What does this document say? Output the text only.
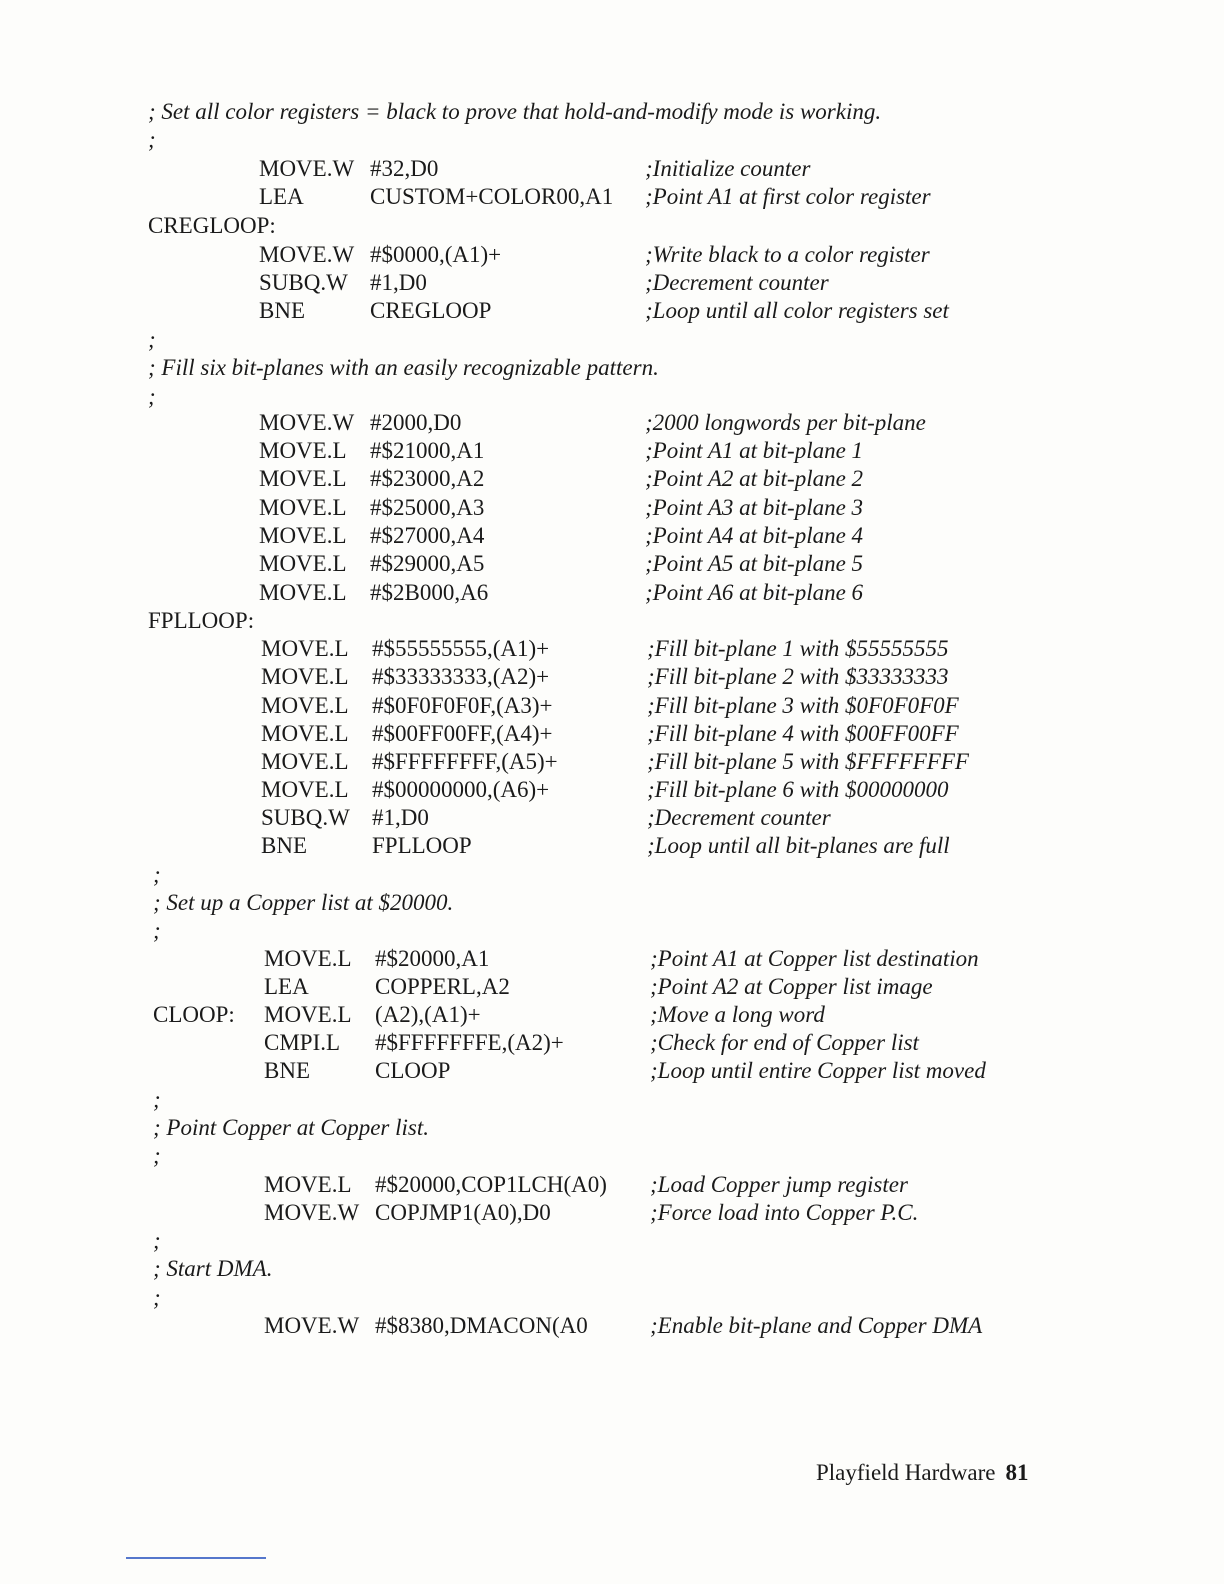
; Set all color registers = black to prove that hold-and-modify mode is working.
;
MOVE.W #32,D0	;Initialize counter
LEA	CUSTOM+COLOR00,A1 ;Point A1 at first color register
CREGLOOP:
MOVE.W #$0000,(A1)+	;Write black to a color register
SUBQ.W #1,D0	;Decrement counter
BNE	CREGLOOP	;Loop until all color registers set
;
; Fill six bit-planes with an easily recognizable pattern.
;
MOVE.W #2000,D0	;2000 longwords per bit-plane
MOVE.L #$21000,A1	;Point A1 at bit-plane 1
MOVE.L #$23000,A2	;Point A2 at bit-plane 2
MOVE.L #$25000,A3	;Point A3 at bit-plane 3
MOVE.L #$27000,A4	;Point A4 at bit-plane 4
MOVE.L #$29000,A5	;Point A5 at bit-plane 5
MOVE.L #$2B000,A6	;Point A6 at bit-plane 6
FPLLOOP:
MOVE.L #$55555555,(A1)+	;Fill bit-plane 1 with $55555555
MOVE.L #$33333333,(A2)+	;Fill bit-plane 2 with $33333333
MOVE.L #$0F0F0F0F,(A3)+	;Fill bit-plane 3 with $0F0F0F0F
MOVE.L #$00FF00FF,(A4)+	;Fill bit-plane 4 with $00FF00FF
MOVE.L #$FFFFFFFF,(A5)+	;Fill bit-plane 5 with $FFFFFFFF
MOVE.L #$00000000,(A6)+	;Fill bit-plane 6 with $00000000
SUBQ.W #1,D0	;Decrement counter
BNE	FPLLOOP	;Loop until all bit-planes are full
;
; Set up a Copper list at $20000.
;
MOVE.L #$20000,A1	;Point A1 at Copper list destination
LEA	COPPERL,A2	;Point A2 at Copper list image
CLOOP: MOVE.L (A2),(A1)+	;Move a long word
CMPI.L #$FFFFFFFE,(A2)+	;Check for end of Copper list
BNE	CLOOP	;Loop until entire Copper list moved
;
; Point Copper at Copper list.
;
MOVE.L #$20000,COP1LCH(A0) ;Load Copper jump register
MOVE.W COPJMP1(A0),D0	;Force load into Copper P.C.
;
; Start DMA.
;
MOVE.W #$8380,DMACON(A0	;Enable bit-plane and Copper DMA
Playfield Hardware 81
